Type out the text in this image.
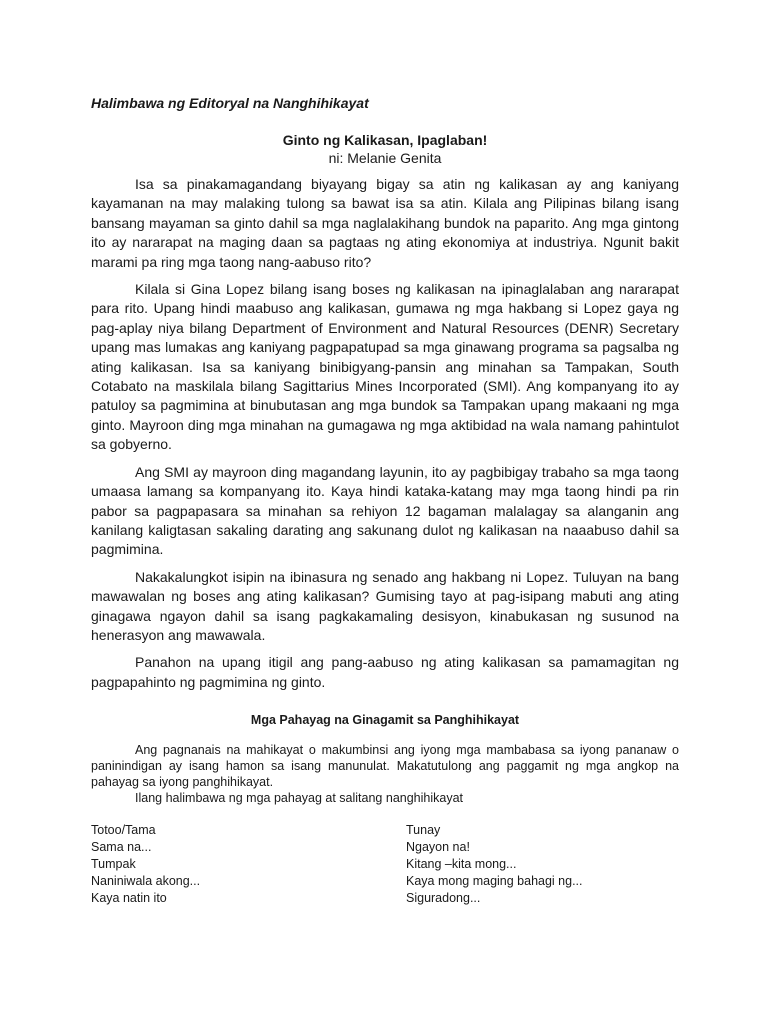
Halimbawa ng Editoryal na Nanghihikayat
Ginto ng Kalikasan, Ipaglaban!
ni: Melanie Genita

Isa sa pinakamagandang biyayang bigay sa atin ng kalikasan ay ang kaniyang kayamanan na may malaking tulong sa bawat isa sa atin. Kilala ang Pilipinas bilang isang bansang mayaman sa ginto dahil sa mga naglalakihang bundok na paparito. Ang mga gintong ito ay nararapat na maging daan sa pagtaas ng ating ekonomiya at industriya. Ngunit bakit marami pa ring mga taong nang-aabuso rito?

Kilala si Gina Lopez bilang isang boses ng kalikasan na ipinaglalaban ang nararapat para rito. Upang hindi maabuso ang kalikasan, gumawa ng mga hakbang si Lopez gaya ng pag-aplay niya bilang Department of Environment and Natural Resources (DENR) Secretary upang mas lumakas ang kaniyang pagpapatupad sa mga ginawang programa sa pagsalba ng ating kalikasan. Isa sa kaniyang binibigyang-pansin ang minahan sa Tampakan, South Cotabato na maskilala bilang Sagittarius Mines Incorporated (SMI). Ang kompanyang ito ay patuloy sa pagmimina at binubutasan ang mga bundok sa Tampakan upang makaani ng mga ginto. Mayroon ding mga minahan na gumagawa ng mga aktibidad na wala namang pahintulot sa gobyerno.

Ang SMI ay mayroon ding magandang layunin, ito ay pagbibigay trabaho sa mga taong umaasa lamang sa kompanyang ito. Kaya hindi kataka-katang may mga taong hindi pa rin pabor sa pagpapasara sa minahan sa rehiyon 12 bagaman malalagay sa alanganin ang kanilang kaligtasan sakaling darating ang sakunang dulot ng kalikasan na naaabuso dahil sa pagmimina.

Nakakalungkot isipin na ibinasura ng senado ang hakbang ni Lopez. Tuluyan na bang mawawalan ng boses ang ating kalikasan? Gumising tayo at pag-isipang mabuti ang ating ginagawa ngayon dahil sa isang pagkakamaling desisyon, kinabukasan ng susunod na henerasyon ang mawawala.

Panahon na upang itigil ang pang-aabuso ng ating kalikasan sa pamamagitan ng pagpapahinto ng pagmimina ng ginto.

Mga Pahayag na Ginagamit sa Panghihikayat

Ang pagnanais na mahikayat o makumbinsi ang iyong mga mambabasa sa iyong pananaw o paninindigan ay isang hamon sa isang manunulat. Makatutulong ang paggamit ng mga angkop na pahayag sa iyong panghihikayat.

Ilang halimbawa ng mga pahayag at salitang nanghihikayat

Totoo/Tama
Sama na...
Tumpak
Naniniwala akong...
Kaya natin ito
Tunay
Ngayon na!
Kitang –kita mong...
Kaya mong maging bahagi ng...
Siguradong...
